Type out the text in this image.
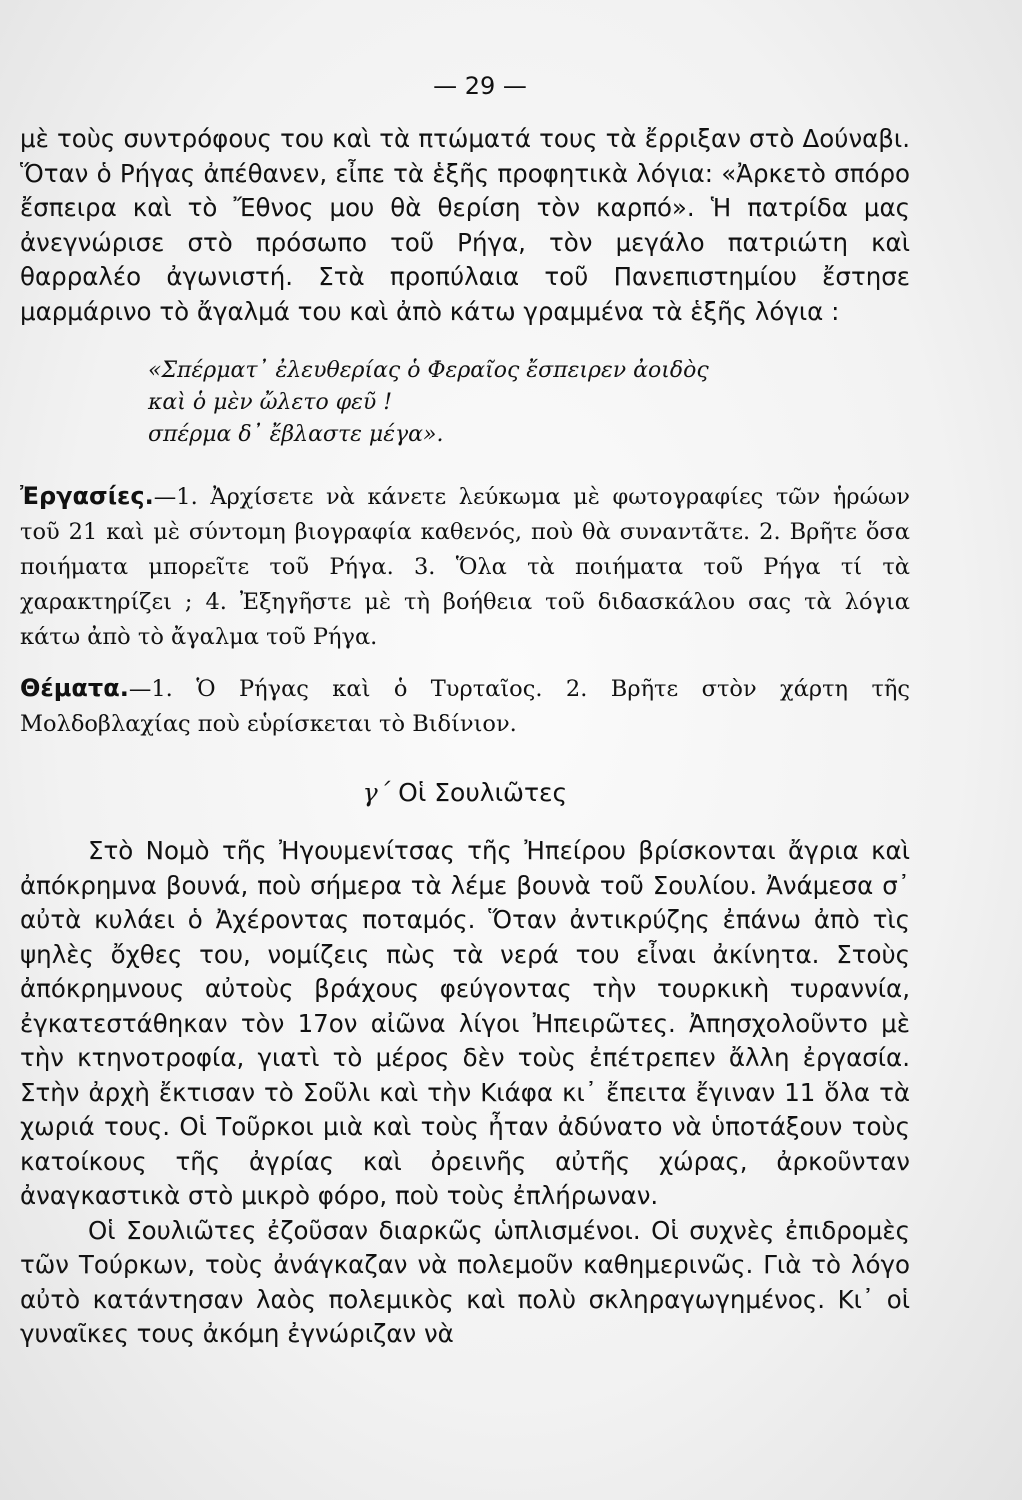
— 29 —

μὲ τοὺς συντρόφους του καὶ τὰ πτώματά τους τὰ ἔρριξαν στὸ Δούναβι. Ὅταν ὁ Ρήγας ἀπέθανεν, εἶπε τὰ ἑξῆς προφητικὰ λόγια: «Ἀρκετὸ σπόρο ἔσπειρα καὶ τὸ Ἔθνος μου θὰ θερίση τὸν καρπό». Ἡ πατρίδα μας ἀνεγνώρισε στὸ πρόσωπο τοῦ Ρήγα, τὸν μεγάλο πατριώτη καὶ θαρραλέο ἀγωνιστή. Στὰ προπύλαια τοῦ Πανεπιστημίου ἔστησε μαρμάρινο τὸ ἄγαλμά του καὶ ἀπὸ κάτω γραμμένα τὰ ἑξῆς λόγια :

«Σπέρματ᾽ ἐλευθερίας ὁ Φεραῖος ἔσπειρεν ἀοιδὸς
καὶ ὁ μὲν ὤλετο φεῦ !
σπέρμα δ᾽ ἔβλαστε μέγα».

Ἐργασίες.—1. Ἀρχίσετε νὰ κάνετε λεύκωμα μὲ φωτογραφίες τῶν ἡρώων τοῦ 21 καὶ μὲ σύντομη βιογραφία καθενός, ποὺ θὰ συναντᾶτε. 2. Βρῆτε ὅσα ποιήματα μπορεῖτε τοῦ Ρήγα. 3. Ὅλα τὰ ποιήματα τοῦ Ρήγα τί τὰ χαρακτηρίζει ; 4. Ἐξηγῆστε μὲ τὴ βοήθεια τοῦ διδασκάλου σας τὰ λόγια κάτω ἀπὸ τὸ ἄγαλμα τοῦ Ρήγα.

Θέματα.—1. Ὁ Ρήγας καὶ ὁ Τυρταῖος. 2. Βρῆτε στὸν χάρτη τῆς Μολδοβλαχίας ποὺ εὑρίσκεται τὸ Βιδίνιον.

γ´ Οἱ Σουλιῶτες

Στὸ Νομὸ τῆς Ἠγουμενίτσας τῆς Ἠπείρου βρίσκονται ἄγρια καὶ ἀπόκρημνα βουνά, ποὺ σήμερα τὰ λέμε βουνὰ τοῦ Σουλίου. Ἀνάμεσα σ᾽ αὐτὰ κυλάει ὁ Ἀχέροντας ποταμός. Ὅταν ἀντικρύζης ἐπάνω ἀπὸ τὶς ψηλὲς ὄχθες του, νομίζεις πὼς τὰ νερά του εἶναι ἀκίνητα. Στοὺς ἀπόκρημνους αὐτοὺς βράχους φεύγοντας τὴν τουρκικὴ τυραννία, ἐγκατεστάθηκαν τὸν 17ον αἰῶνα λίγοι Ἠπειρῶτες. Ἀπησχολοῦντο μὲ τὴν κτηνοτροφία, γιατὶ τὸ μέρος δὲν τοὺς ἐπέτρεπεν ἄλλη ἐργασία. Στὴν ἀρχὴ ἔκτισαν τὸ Σοῦλι καὶ τὴν Κιάφα κι᾽ ἔπειτα ἔγιναν 11 ὅλα τὰ χωριά τους. Οἱ Τοῦρκοι μιὰ καὶ τοὺς ἦταν ἀδύνατο νὰ ὑποτάξουν τοὺς κατοίκους τῆς ἀγρίας καὶ ὀρεινῆς αὐτῆς χώρας, ἀρκοῦνταν ἀναγκαστικὰ στὸ μικρὸ φόρο, ποὺ τοὺς ἐπλήρωναν.

Οἱ Σουλιῶτες ἐζοῦσαν διαρκῶς ὡπλισμένοι. Οἱ συχνὲς ἐπιδρομὲς τῶν Τούρκων, τοὺς ἀνάγκαζαν νὰ πολεμοῦν καθημερινῶς. Γιὰ τὸ λόγο αὐτὸ κατάντησαν λαὸς πολεμικὸς καὶ πολὺ σκληραγωγημένος. Κι᾽ οἱ γυναῖκες τους ἀκόμη ἐγνώριζαν νὰ
